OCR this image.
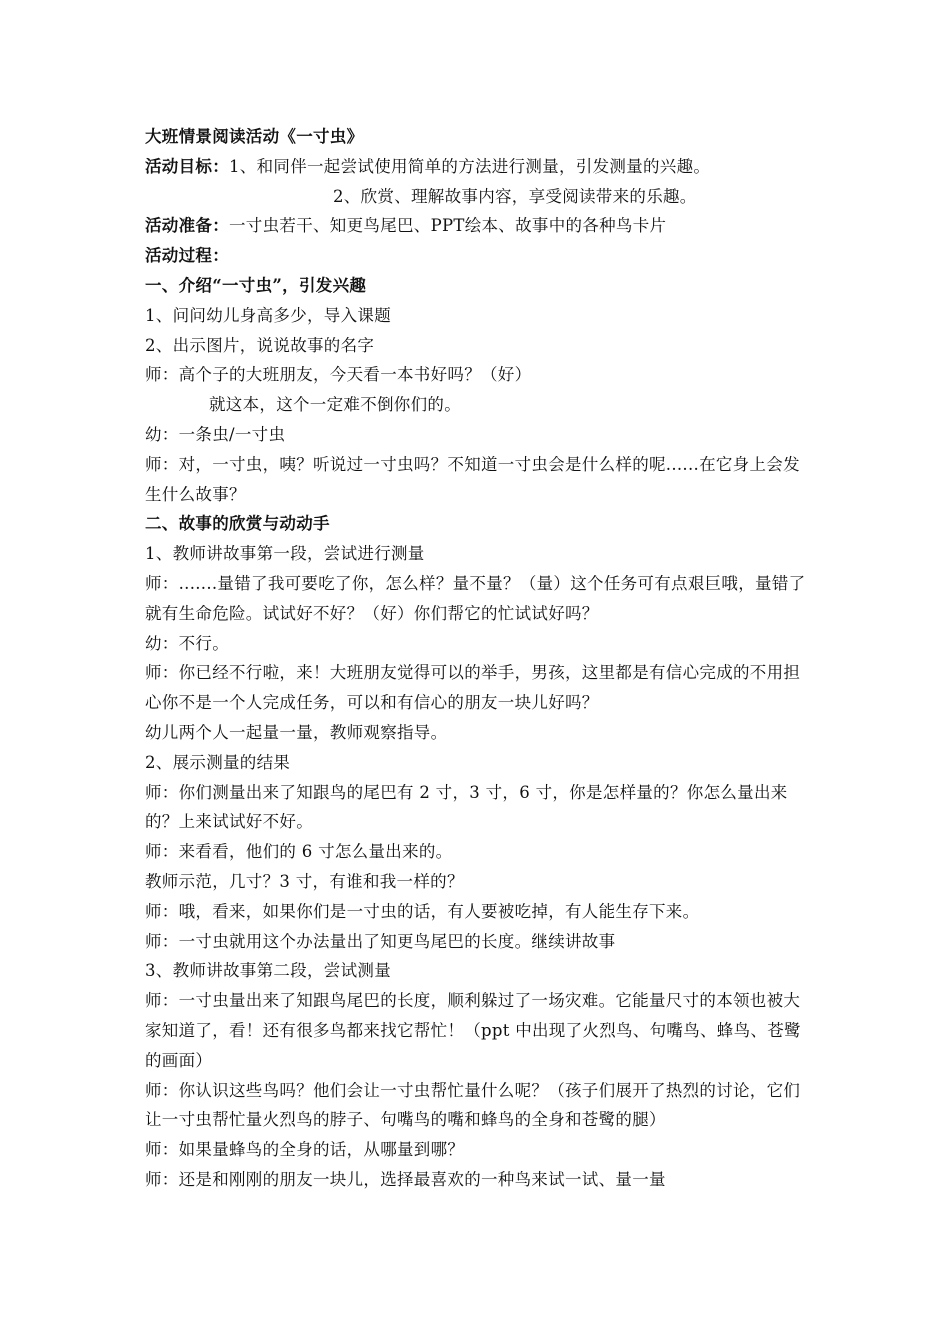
大班情景阅读活动《一寸虫》
活动目标：1、和同伴一起尝试使用简单的方法进行测量，引发测量的兴趣。
2、欣赏、理解故事内容，享受阅读带来的乐趣。
活动准备：一寸虫若干、知更鸟尾巴、PPT绘本、故事中的各种鸟卡片
活动过程：
一、介绍“一寸虫”，引发兴趣
1、问问幼儿身高多少，导入课题
2、出示图片，说说故事的名字
师：高个子的大班朋友，今天看一本书好吗？（好）
就这本，这个一定难不倒你们的。
幼：一条虫/一寸虫
师：对，一寸虫，咦？听说过一寸虫吗？不知道一寸虫会是什么样的呢......在它身上会发生什么故事？
二、故事的欣赏与动动手
1、教师讲故事第一段，尝试进行测量
师：.......量错了我可要吃了你，怎么样？量不量？（量）这个任务可有点艰巨哦，量错了就有生命危险。试试好不好？（好）你们帮它的忙试试好吗？
幼：不行。
师：你已经不行啦，来！大班朋友觉得可以的举手，男孩，这里都是有信心完成的不用担心你不是一个人完成任务，可以和有信心的朋友一块儿好吗？
幼儿两个人一起量一量，教师观察指导。
2、展示测量的结果
师：你们测量出来了知跟鸟的尾巴有 2 寸，3 寸，6 寸，你是怎样量的？你怎么量出来的？上来试试好不好。
师：来看看，他们的 6 寸怎么量出来的。
教师示范，几寸？3 寸，有谁和我一样的？
师：哦，看来，如果你们是一寸虫的话，有人要被吃掉，有人能生存下来。
师：一寸虫就用这个办法量出了知更鸟尾巴的长度。继续讲故事
3、教师讲故事第二段，尝试测量
师：一寸虫量出来了知跟鸟尾巴的长度，顺利躲过了一场灾难。它能量尺寸的本领也被大家知道了，看！还有很多鸟都来找它帮忙！（ppt 中出现了火烈鸟、句嘴鸟、蜂鸟、苍鹭的画面）
师：你认识这些鸟吗？他们会让一寸虫帮忙量什么呢？（孩子们展开了热烈的讨论，它们让一寸虫帮忙量火烈鸟的脖子、句嘴鸟的嘴和蜂鸟的全身和苍鹭的腿）
师：如果量蜂鸟的全身的话，从哪量到哪？
师：还是和刚刚的朋友一块儿，选择最喜欢的一种鸟来试一试、量一量
